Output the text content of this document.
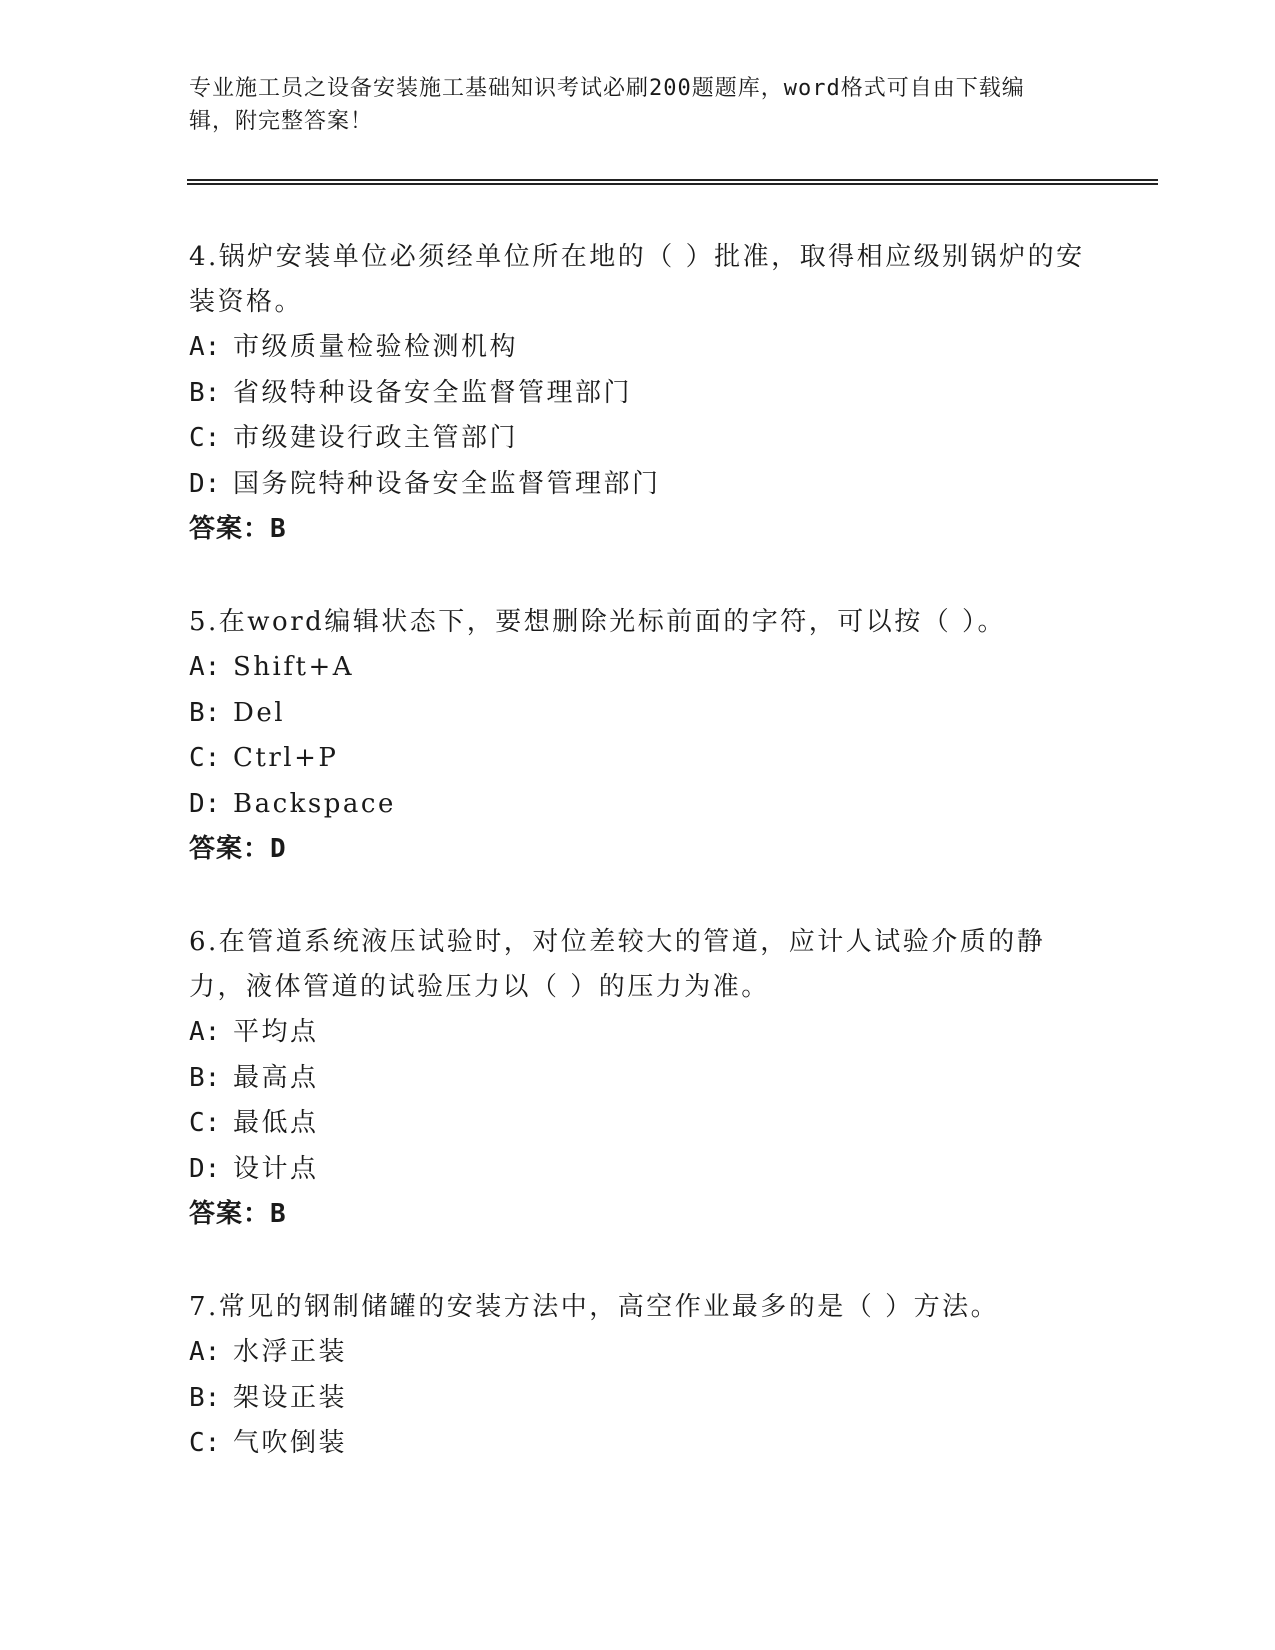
专业施工员之设备安装施工基础知识考试必刷200题题库，word格式可自由下载编辑，附完整答案！

4.锅炉安装单位必须经单位所在地的（ ）批准，取得相应级别锅炉的安装资格。

A: 市级质量检验检测机构

B: 省级特种设备安全监督管理部门

C: 市级建设行政主管部门

D: 国务院特种设备安全监督管理部门

答案：B

5.在word编辑状态下，要想删除光标前面的字符，可以按（ ）。

A: Shift+A

B: Del

C: Ctrl+P

D: Backspace

答案：D

6.在管道系统液压试验时，对位差较大的管道，应计人试验介质的静力，液体管道的试验压力以（ ）的压力为准。

A: 平均点

B: 最高点

C: 最低点

D: 设计点

答案：B

7.常见的钢制储罐的安装方法中，高空作业最多的是（ ）方法。

A: 水浮正装

B: 架设正装

C: 气吹倒装
